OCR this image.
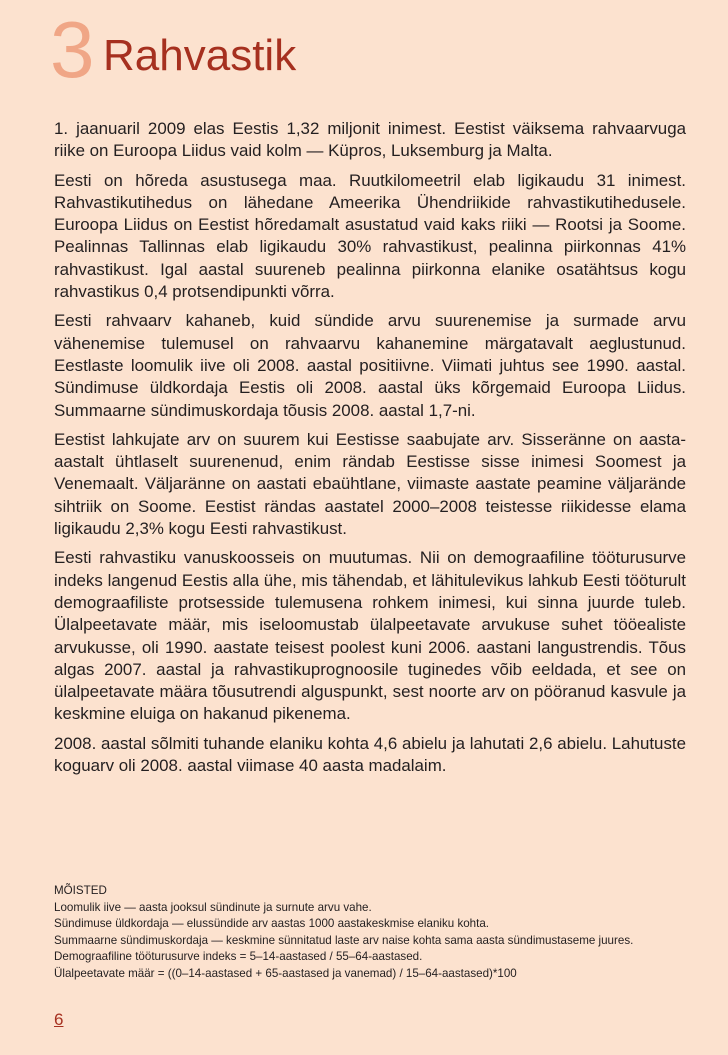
3 Rahvastik

1. jaanuaril 2009 elas Eestis 1,32 miljonit inimest. Eestist väiksema rahvaarvuga riike on Euroopa Liidus vaid kolm — Küpros, Luksemburg ja Malta.

Eesti on hõreda asustusega maa. Ruutkilomeetril elab ligikaudu 31 inimest. Rahvastikutihedus on lähedane Ameerika Ühendriikide rahvastikutihedusele. Euroopa Liidus on Eestist hõredamalt asustatud vaid kaks riiki — Rootsi ja Soome. Pealinnas Tallinnas elab ligikaudu 30% rahvastikust, pealinna piirkonnas 41% rahvastikust. Igal aastal suureneb pealinna piirkonna elanike osatähtsus kogu rahvastikus 0,4 protsendipunkti võrra.

Eesti rahvaarv kahaneb, kuid sündide arvu suurenemise ja surmade arvu vähenemise tulemusel on rahvaarvu kahanemine märgatavalt aeglustunud. Eestlaste loomulik iive oli 2008. aastal positiivne. Viimati juhtus see 1990. aastal. Sündimuse üldkordaja Eestis oli 2008. aastal üks kõrgemaid Euroopa Liidus. Summaarne sündimuskordaja tõusis 2008. aastal 1,7-ni.

Eestist lahkujate arv on suurem kui Eestisse saabujate arv. Sisseränne on aasta-aastalt ühtlaselt suurenenud, enim rändab Eestisse sisse inimesi Soomest ja Venemaalt. Väljaränne on aastati ebaühtlane, viimaste aastate peamine väljarände sihtriik on Soome. Eestist rändas aastatel 2000–2008 teistesse riikidesse elama ligikaudu 2,3% kogu Eesti rahvastikust.

Eesti rahvastiku vanuskoosseis on muutumas. Nii on demograafiline tööturusurve indeks langenud Eestis alla ühe, mis tähendab, et lähitulevikus lahkub Eesti tööturult demograafiliste protsesside tulemusena rohkem inimesi, kui sinna juurde tuleb. Ülalpeetavate määr, mis iseloomustab ülalpeetavate arvukuse suhet tööealiste arvukusse, oli 1990. aastate teisest poolest kuni 2006. aastani langustrendis. Tõus algas 2007. aastal ja rahvastikuprognoosile tuginedes võib eeldada, et see on ülalpeetavate määra tõusutrendi alguspunkt, sest noorte arv on pööranud kasvule ja keskmine eluiga on hakanud pikenema.

2008. aastal sõlmiti tuhande elaniku kohta 4,6 abielu ja lahutati 2,6 abielu. Lahutuste koguarv oli 2008. aastal viimase 40 aasta madalaim.

MÕISTED
Loomulik iive — aasta jooksul sündinute ja surnute arvu vahe.
Sündimuse üldkordaja — elussündide arv aastas 1000 aastakeskmise elaniku kohta.
Summaarne sündimuskordaja — keskmine sünnitatud laste arv naise kohta sama aasta sündimustaseme juures.
Demograafiline tööturusurve indeks = 5–14-aastased / 55–64-aastased.
Ülalpeetavate määr = ((0–14-aastased + 65-aastased ja vanemad) / 15–64-aastased)*100
6
